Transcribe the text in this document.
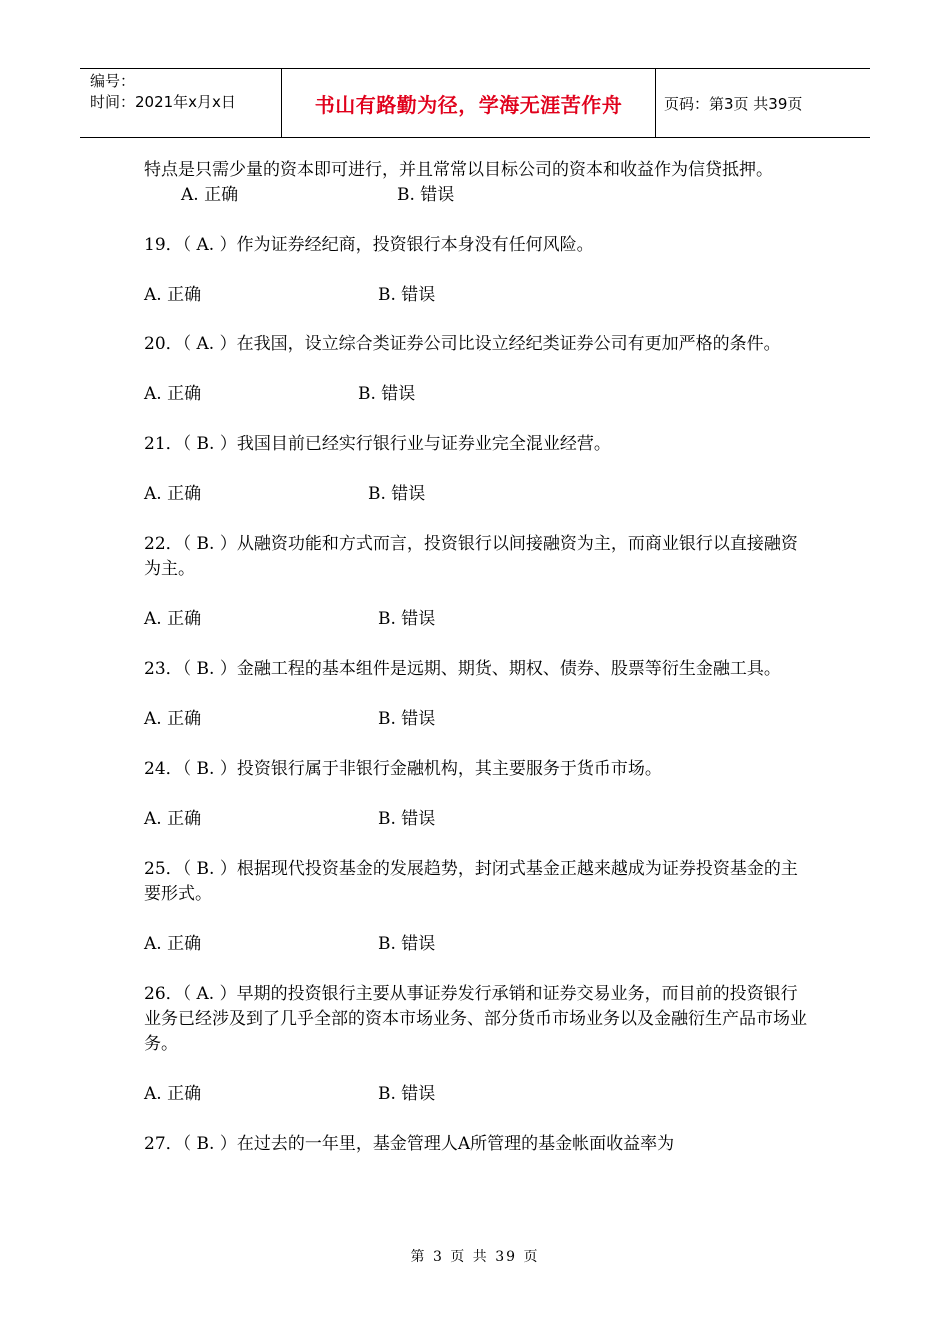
编号：
时间：2021年x月x日	书山有路勤为径，学海无涯苦作舟	页码：第3页 共39页

特点是只需少量的资本即可进行，并且常常以目标公司的资本和收益作为信贷抵押。

A. 正确	B. 错误

19．（ A. ）作为证券经纪商，投资银行本身没有任何风险。

A. 正确	B. 错误

20．（ A. ）在我国，设立综合类证券公司比设立经纪类证券公司有更加严格的条件。

A. 正确	B. 错误

21．（ B. ）我国目前已经实行银行业与证券业完全混业经营。

A. 正确	B. 错误

22．（ B. ）从融资功能和方式而言，投资银行以间接融资为主，而商业银行以直接融资为主。

A. 正确	B. 错误

23．（ B. ）金融工程的基本组件是远期、期货、期权、债券、股票等衍生金融工具。

A. 正确	B. 错误

24．（ B. ）投资银行属于非银行金融机构，其主要服务于货币市场。

A. 正确	B. 错误

25．（ B. ）根据现代投资基金的发展趋势，封闭式基金正越来越成为证券投资基金的主要形式。

A. 正确	B. 错误

26．（ A. ）早期的投资银行主要从事证券发行承销和证券交易业务，而目前的投资银行业务已经涉及到了几乎全部的资本市场业务、部分货币市场业务以及金融衍生产品市场业务。

A. 正确	B. 错误

27．（ B. ）在过去的一年里，基金管理人A所管理的基金帐面收益率为

第 3 页 共 39 页
